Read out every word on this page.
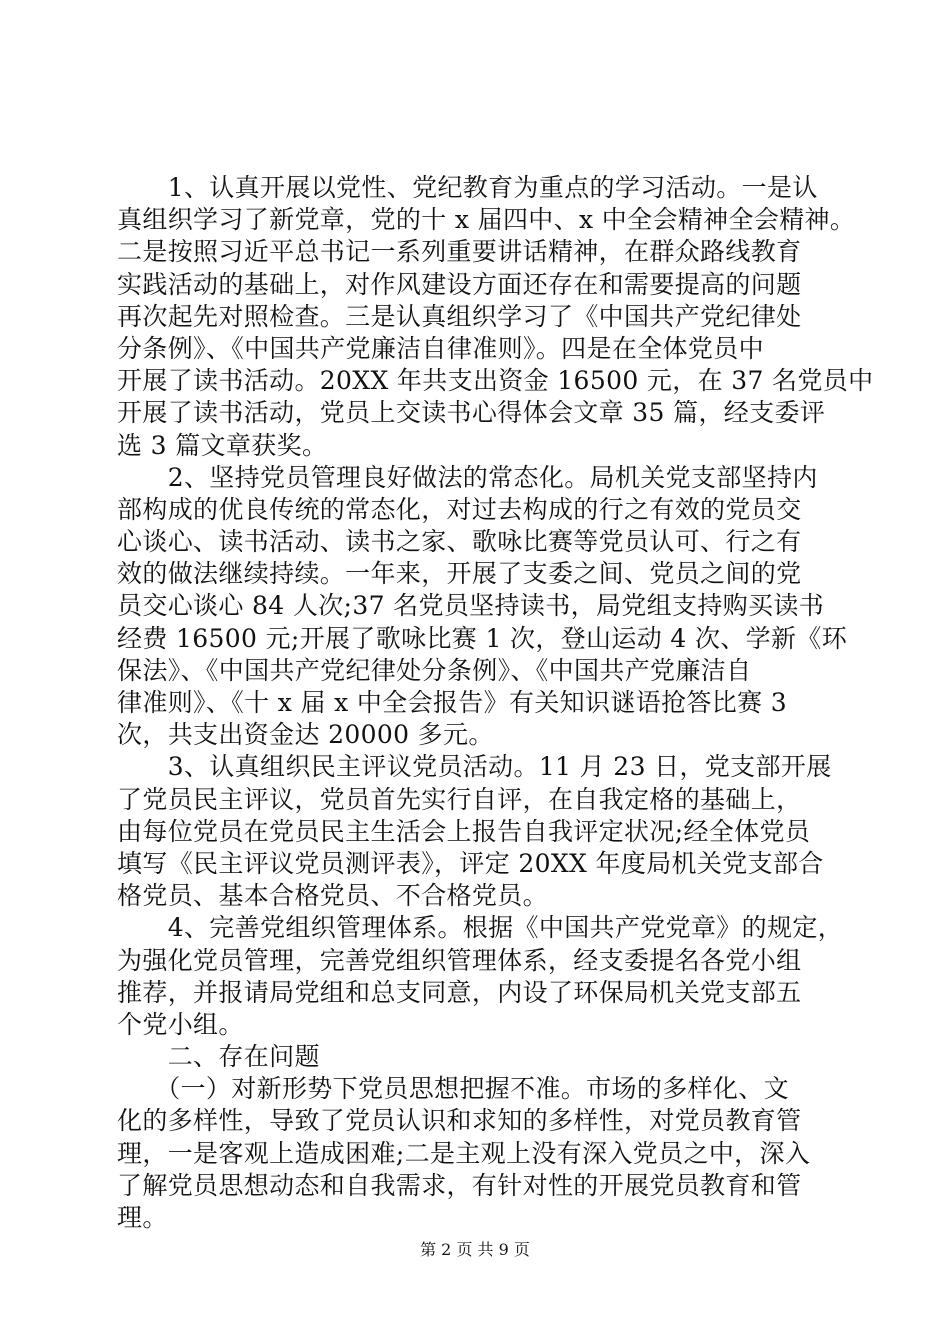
　　1、认真开展以党性、党纪教育为重点的学习活动。一是认
真组织学习了新党章，党的十 x 届四中、x 中全会精神全会精神。
二是按照习近平总书记一系列重要讲话精神，在群众路线教育
实践活动的基础上，对作风建设方面还存在和需要提高的问题
再次起先对照检查。三是认真组织学习了《中国共产党纪律处
分条例》、《中国共产党廉洁自律准则》。四是在全体党员中
开展了读书活动。20XX 年共支出资金 16500 元，在 37 名党员中
开展了读书活动，党员上交读书心得体会文章 35 篇，经支委评
选 3 篇文章获奖。

　　2、坚持党员管理良好做法的常态化。局机关党支部坚持内
部构成的优良传统的常态化，对过去构成的行之有效的党员交
心谈心、读书活动、读书之家、歌咏比赛等党员认可、行之有
效的做法继续持续。一年来，开展了支委之间、党员之间的党
员交心谈心 84 人次;37 名党员坚持读书，局党组支持购买读书
经费 16500 元;开展了歌咏比赛 1 次，登山运动 4 次、学新《环
保法》、《中国共产党纪律处分条例》、《中国共产党廉洁自
律准则》、《十 x 届 x 中全会报告》有关知识谜语抢答比赛 3
次，共支出资金达 20000 多元。

　　3、认真组织民主评议党员活动。11 月 23 日，党支部开展
了党员民主评议，党员首先实行自评，在自我定格的基础上，
由每位党员在党员民主生活会上报告自我评定状况;经全体党员
填写《民主评议党员测评表》，评定 20XX 年度局机关党支部合
格党员、基本合格党员、不合格党员。

　　4、完善党组织管理体系。根据《中国共产党党章》的规定，
为强化党员管理，完善党组织管理体系，经支委提名各党小组
推荐，并报请局党组和总支同意，内设了环保局机关党支部五
个党小组。

　　二、存在问题

　　（一）对新形势下党员思想把握不准。市场的多样化、文
化的多样性，导致了党员认识和求知的多样性，对党员教育管
理，一是客观上造成困难;二是主观上没有深入党员之中，深入
了解党员思想动态和自我需求，有针对性的开展党员教育和管
理。

第 2 页 共 9 页
